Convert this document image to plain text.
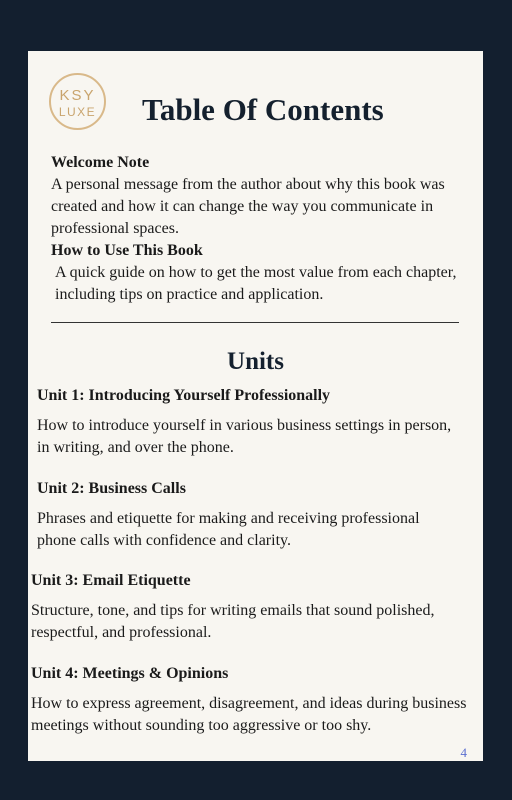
KSY
LUXE Table Of Contents

Welcome Note

A personal message from the author about why this book was created and how it can change the way you communicate in professional spaces.

How to Use This Book

A quick guide on how to get the most value from each chapter, including tips on practice and application.

Units

Unit 1: Introducing Yourself Professionally

How to introduce yourself in various business settings in person, in writing, and over the phone.

Unit 2: Business Calls

Phrases and etiquette for making and receiving professional phone calls with confidence and clarity.

Unit 3: Email Etiquette

Structure, tone, and tips for writing emails that sound polished, respectful, and professional.

Unit 4: Meetings & Opinions

How to express agreement, disagreement, and ideas during business meetings without sounding too aggressive or too shy.

4
